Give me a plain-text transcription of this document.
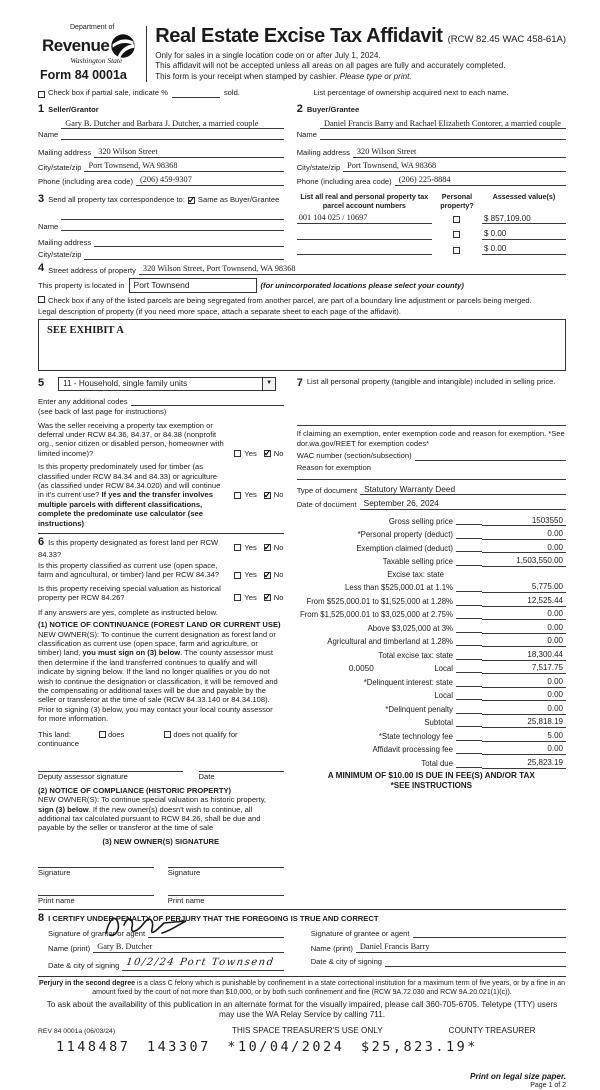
Department of
Revenue
Washington State
Form 84 0001a
Real Estate Excise Tax Affidavit (RCW 82.45 WAC 458-61A)
Only for sales in a single location code on or after July 1, 2024.
This affidavit will not be accepted unless all areas on all pages are fully and accurately completed.
This form is your receipt when stamped by cashier. Please type or print.
Check box if partial sale, indicate %	sold.	List percentage of ownership acquired next to each name.
1 Seller/Grantor
Name
Gary B. Dutcher and Barbara J. Dutcher, a married couple
Mailing address 320 Wilson Street
City/state/zip Port Townsend, WA 98368
Phone (including area code) (206) 459-9307
2 Buyer/Grantee
Name
Daniel Francis Barry and Rachael Elizabeth Contorer, a married couple
Mailing address 320 Wilson Street
City/state/zip Port Townsend, WA 98368
Phone (including area code) (206) 225-8884
3 Send all property tax correspondence to:
✓ Same as Buyer/Grantee
Name
Mailing address
City/state/zip
List all real and personal property tax parcel account numbers
Personal property?
Assessed value(s)
001 104 025 / 10697	$ 857,109.00
$ 0.00
$ 0.00
4 Street address of property 320 Wilson Street, Port Townsend, WA 98368
This property is located in	Port Townsend	(for unincorporated locations please select your county)
Check box if any of the listed parcels are being segregated from another parcel, are part of a boundary line adjustment or parcels being merged.
Legal description of property (if you need more space, attach a separate sheet to each page of the affidavit).
SEE EXHIBIT A
5	11 - Household, single family units	▼
Enter any additional codes
(see back of last page for instructions)
Was the seller receiving a property tax exemption or deferral under RCW 84.36, 84.37, or 84.38 (nonprofit org., senior citizen or disabled person, homeowner with limited income)?	Yes ✓ No
Is this property predominately used for timber (as classified under RCW 84.34 and 84.33) or agriculture (as classified under RCW 84.34.020) and will continue in it's current use? If yes and the transfer involves multiple parcels with different classifications, complete the predominate use calculator (see instructions)
Yes ✓ No
6 Is this property designated as forest land per RCW 84.33?
Yes ✓ No
Is this property classified as current use (open space, farm and agricultural, or timber) land per RCW 84.34?	Yes ✓ No
Is this property receiving special valuation as historical property per RCW 84.26?	Yes ✓ No
If any answers are yes, complete as instructed below.
(1) NOTICE OF CONTINUANCE (FOREST LAND OR CURRENT USE)
NEW OWNER(S): To continue the current designation as forest land or classification as current use (open space, farm and agriculture, or timber) land, you must sign on (3) below. The county assessor must then determine if the land transferred continues to qualify and will indicate by signing below. If the land no longer qualifies or you do not wish to continue the designation or classification, it will be removed and the compensating or additional taxes will be due and payable by the seller or transferor at the time of sale (RCW 84.33.140 or 84.34.108). Prior to signing (3) below, you may contact your local county assessor for more information.
This land:	does	does not qualify for
continuance
Deputy assessor signature	Date
(2) NOTICE OF COMPLIANCE (HISTORIC PROPERTY)
NEW OWNER(S): To continue special valuation as historic property, sign (3) below. If the new owner(s) doesn't wish to continue, all additional tax calculated pursuant to RCW 84.26, shall be due and payable by the seller or transferor at the time of sale
(3) NEW OWNER(S) SIGNATURE
Signature	Signature
Print name	Print name
7 List all personal property (tangible and intangible) included in selling price.
If claiming an exemption, enter exemption code and reason for exemption. *See dor.wa.gov/REET for exemption codes*
WAC number (section/subsection)
Reason for exemption
Type of document Statutory Warranty Deed
Date of document September 26, 2024
Gross selling price	1503550
*Personal property (deduct)	0.00
Exemption claimed (deduct)	0.00
Taxable selling price	1,503,550.00
Excise tax: state
Less than $525,000.01 at 1.1%	5,775.00
From $525,000.01 to $1,525,000 at 1.28%	12,525.44
From $1,525,000.01 to $3,025,000 at 2.75%	0.00
Above $3,025,000 at 3%	0.00
Agricultural and timberland at 1.28%	0.00
Total excise tax: state	18,300.44
0.0050	Local	7,517.75
*Delinquent interest: state	0.00
Local	0.00
*Delinquent penalty	0.00
Subtotal	25,818.19
*State technology fee	5.00
Affidavit processing fee	0.00
Total due	25,823.19
A MINIMUM OF $10.00 IS DUE IN FEE(S) AND/OR TAX
*SEE INSTRUCTIONS
8 I CERTIFY UNDER PENALTY OF PERJURY THAT THE FOREGOING IS TRUE AND CORRECT
Signature of grantor or agent
Name (print) Gary B. Dutcher
Date & city of signing 10/2/24 Port Townsend
Signature of grantee or agent
Name (print) Daniel Francis Barry
Date & city of signing
Perjury in the second degree is a class C felony which is punishable by confinement in a state correctional institution for a maximum term of five years, or by a fine in an amount fixed by the court of not more than $10,000, or by both such confinement and fine (RCW 9A.72.030 and RCW 9A.20.021(1)(c)).
To ask about the availability of this publication in an alternate format for the visually impaired, please call 360-705-6705. Teletype (TTY) users may use the WA Relay Service by calling 711.
REV 84 0001a (06/03/24)	THIS SPACE TREASURER'S USE ONLY	COUNTY TREASURER
1148487 143307 *10/04/2024 $25,823.19*
Print on legal size paper.
Page 1 of 2
